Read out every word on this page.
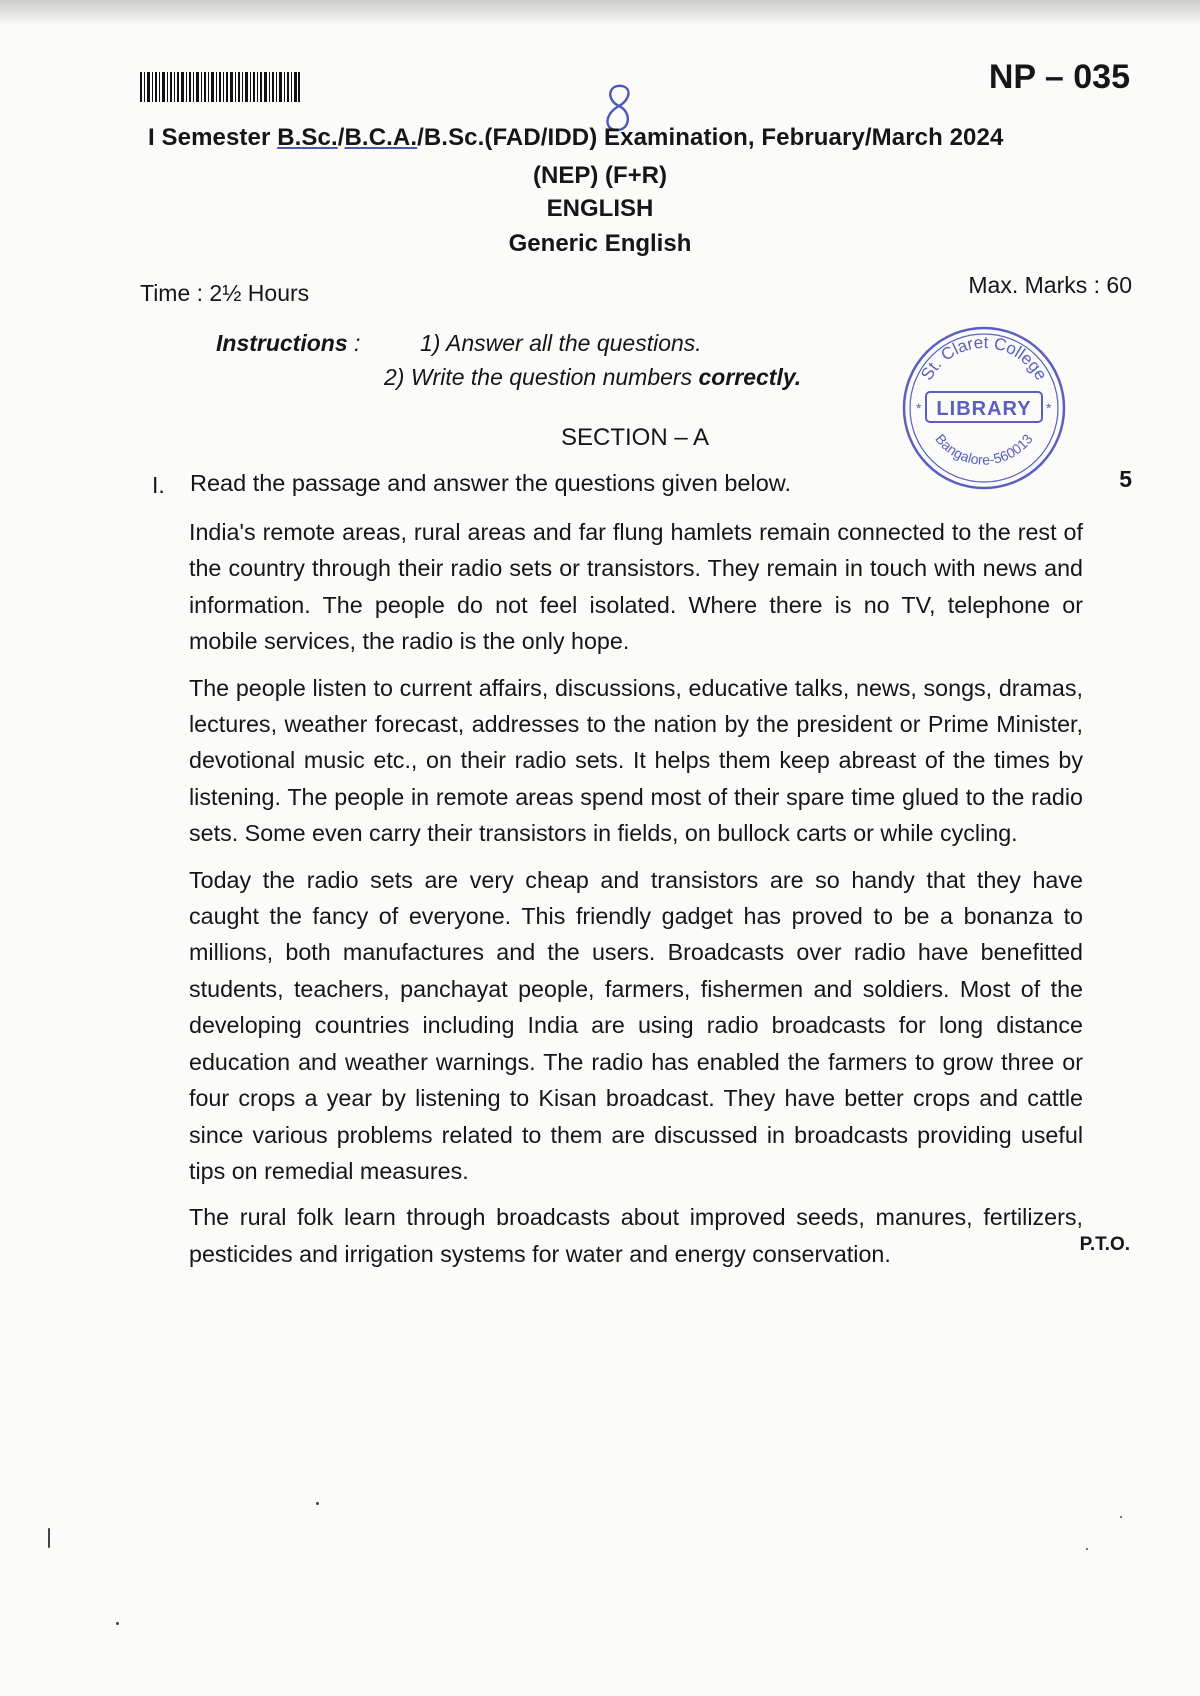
NP – 035
I Semester B.Sc./B.C.A./B.Sc.(FAD/IDD) Examination, February/March 2024
(NEP) (F+R)
ENGLISH
Generic English
Time : 2½ Hours	Max. Marks : 60
Instructions :	1) Answer all the questions.
2) Write the question numbers correctly.	St. Claret College
LIBRARY
Bangalore-560013
*	*
SECTION – A
I. Read the passage and answer the questions given below.	5

India's remote areas, rural areas and far flung hamlets remain connected to the rest of the country through their radio sets or transistors. They remain in touch with news and information. The people do not feel isolated. Where there is no TV, telephone or mobile services, the radio is the only hope.

The people listen to current affairs, discussions, educative talks, news, songs, dramas, lectures, weather forecast, addresses to the nation by the president or Prime Minister, devotional music etc., on their radio sets. It helps them keep abreast of the times by listening. The people in remote areas spend most of their spare time glued to the radio sets. Some even carry their transistors in fields, on bullock carts or while cycling.

Today the radio sets are very cheap and transistors are so handy that they have caught the fancy of everyone. This friendly gadget has proved to be a bonanza to millions, both manufactures and the users. Broadcasts over radio have benefitted students, teachers, panchayat people, farmers, fishermen and soldiers. Most of the developing countries including India are using radio broadcasts for long distance education and weather warnings. The radio has enabled the farmers to grow three or four crops a year by listening to Kisan broadcast. They have better crops and cattle since various problems related to them are discussed in broadcasts providing useful tips on remedial measures.

The rural folk learn through broadcasts about improved seeds, manures, fertilizers, pesticides and irrigation systems for water and energy conservation.	P.T.O.
